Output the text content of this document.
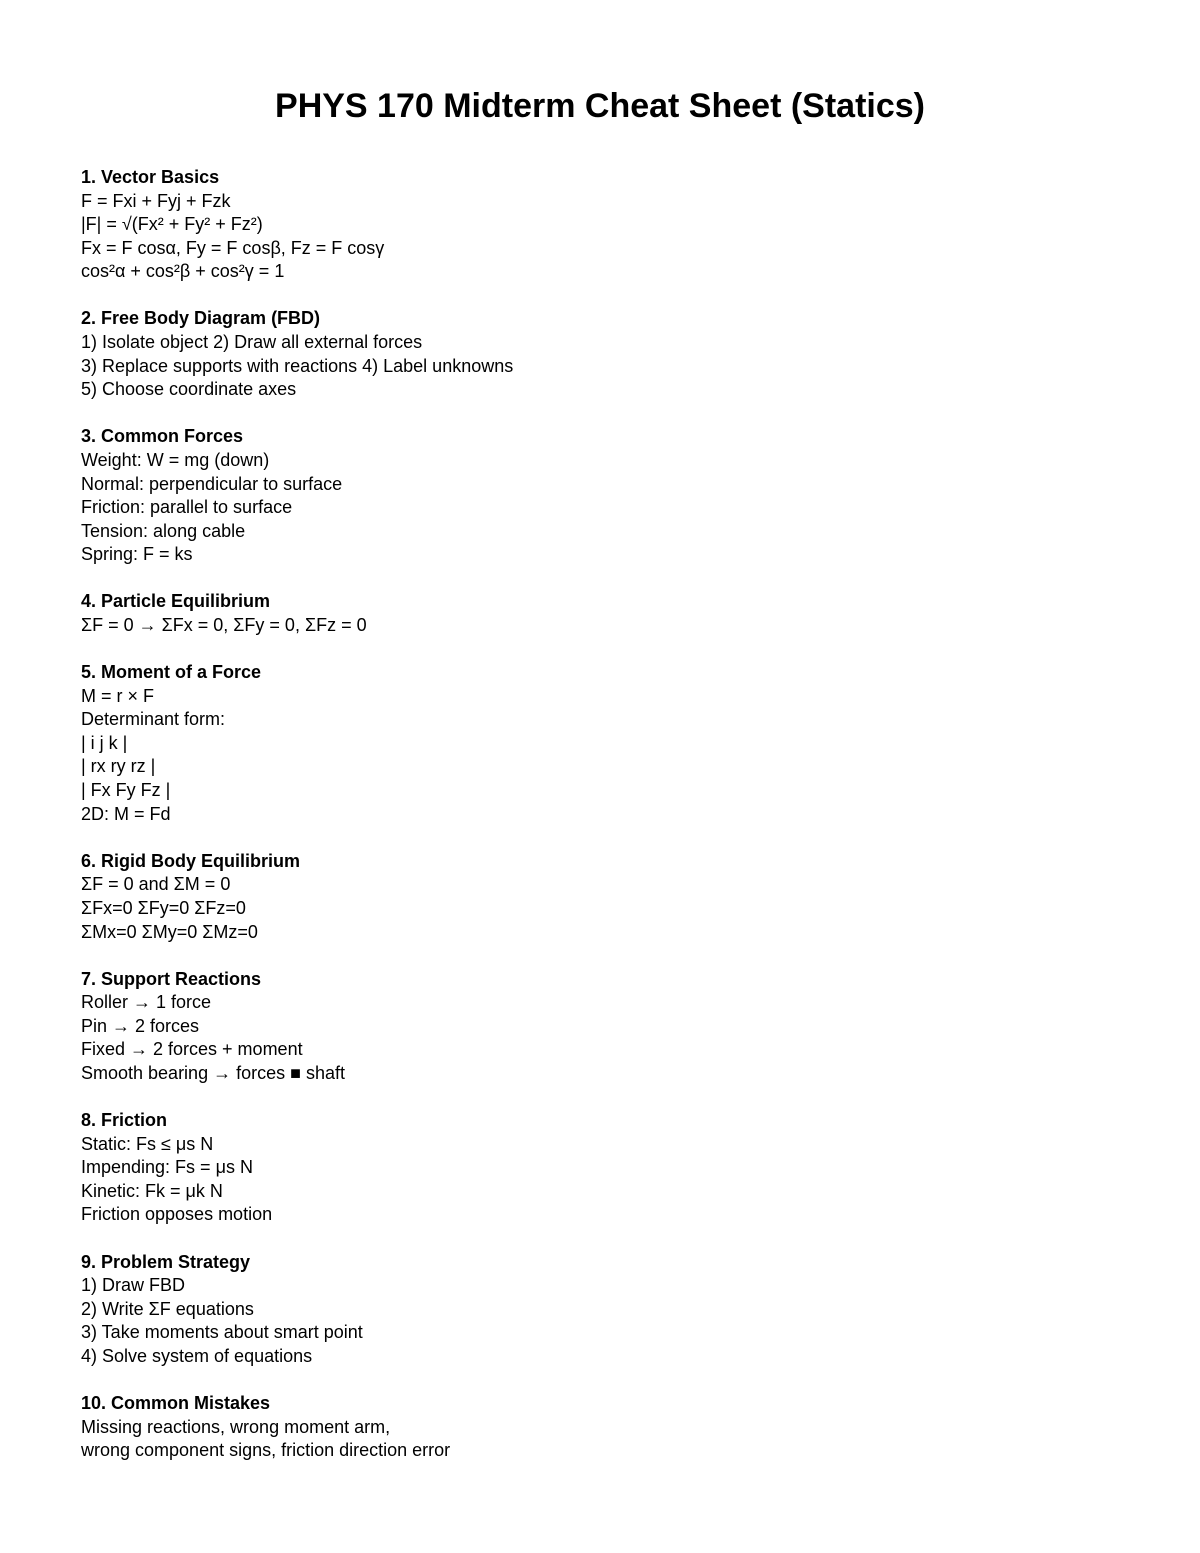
PHYS 170 Midterm Cheat Sheet (Statics)

1. Vector Basics

F = Fxi + Fyj + Fzk

|F| = √(Fx² + Fy² + Fz²)

Fx = F cosα, Fy = F cosβ, Fz = F cosγ

cos²α + cos²β + cos²γ = 1

2. Free Body Diagram (FBD)

1) Isolate object 2) Draw all external forces

3) Replace supports with reactions 4) Label unknowns

5) Choose coordinate axes

3. Common Forces

Weight: W = mg (down)

Normal: perpendicular to surface

Friction: parallel to surface

Tension: along cable

Spring: F = ks

4. Particle Equilibrium

ΣF = 0 → ΣFx = 0, ΣFy = 0, ΣFz = 0

5. Moment of a Force

M = r × F

Determinant form:

| i j k |

| rx ry rz |

| Fx Fy Fz |

2D: M = Fd

6. Rigid Body Equilibrium

ΣF = 0 and ΣM = 0

ΣFx=0 ΣFy=0 ΣFz=0

ΣMx=0 ΣMy=0 ΣMz=0

7. Support Reactions

Roller → 1 force

Pin → 2 forces

Fixed → 2 forces + moment

Smooth bearing → forces ■ shaft

8. Friction

Static: Fs ≤ μs N

Impending: Fs = μs N

Kinetic: Fk = μk N

Friction opposes motion

9. Problem Strategy

1) Draw FBD

2) Write ΣF equations

3) Take moments about smart point

4) Solve system of equations

10. Common Mistakes

Missing reactions, wrong moment arm,

wrong component signs, friction direction error
